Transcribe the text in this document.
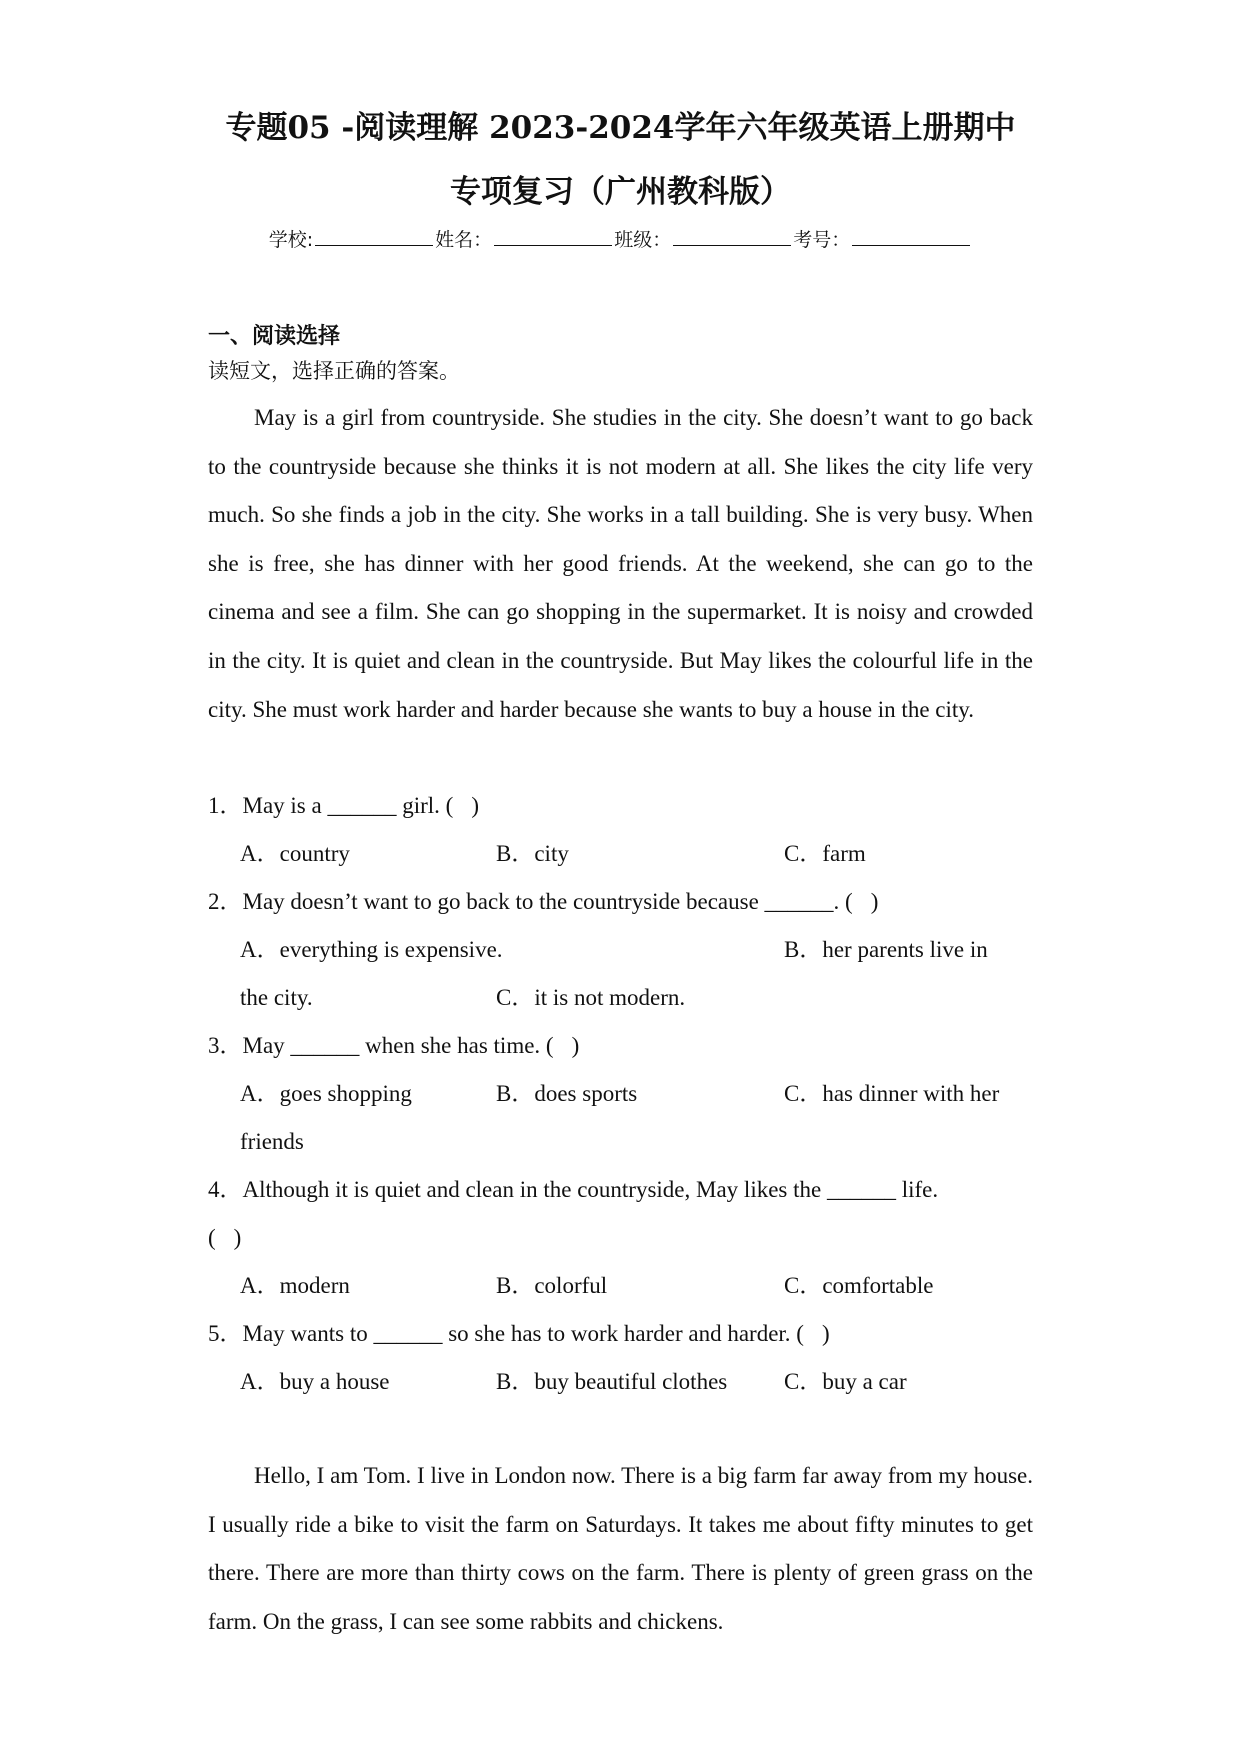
专题05 -阅读理解 2023-2024学年六年级英语上册期中
专项复习（广州教科版）
学校:	姓名：	班级：	考号：
一、阅读选择
读短文，选择正确的答案。

May is a girl from countryside. She studies in the city. She doesn’t want to go back to the countryside because she thinks it is not modern at all. She likes the city life very much. So she finds a job in the city. She works in a tall building. She is very busy. When she is free, she has dinner with her good friends. At the weekend, she can go to the cinema and see a film. She can go shopping in the supermarket. It is noisy and crowded in the city. It is quiet and clean in the countryside. But May likes the colourful life in the city. She must work harder and harder because she wants to buy a house in the city.

1．May is a ______ girl. ( )
A．country	B．city	C．farm
2．May doesn’t want to go back to the countryside because ______. ( )
A．everything is expensive.	B．her parents live in
the city.	C．it is not modern.
3．May ______ when she has time. ( )
A．goes shopping	B．does sports	C．has dinner with her
friends
4．Although it is quiet and clean in the countryside, May likes the ______ life.
( )
A．modern	B．colorful	C．comfortable
5．May wants to ______ so she has to work harder and harder. ( )
A．buy a house	B．buy beautiful clothes C．buy a car

Hello, I am Tom. I live in London now. There is a big farm far away from my house. I usually ride a bike to visit the farm on Saturdays. It takes me about fifty minutes to get there. There are more than thirty cows on the farm. There is plenty of green grass on the farm. On the grass, I can see some rabbits and chickens.
